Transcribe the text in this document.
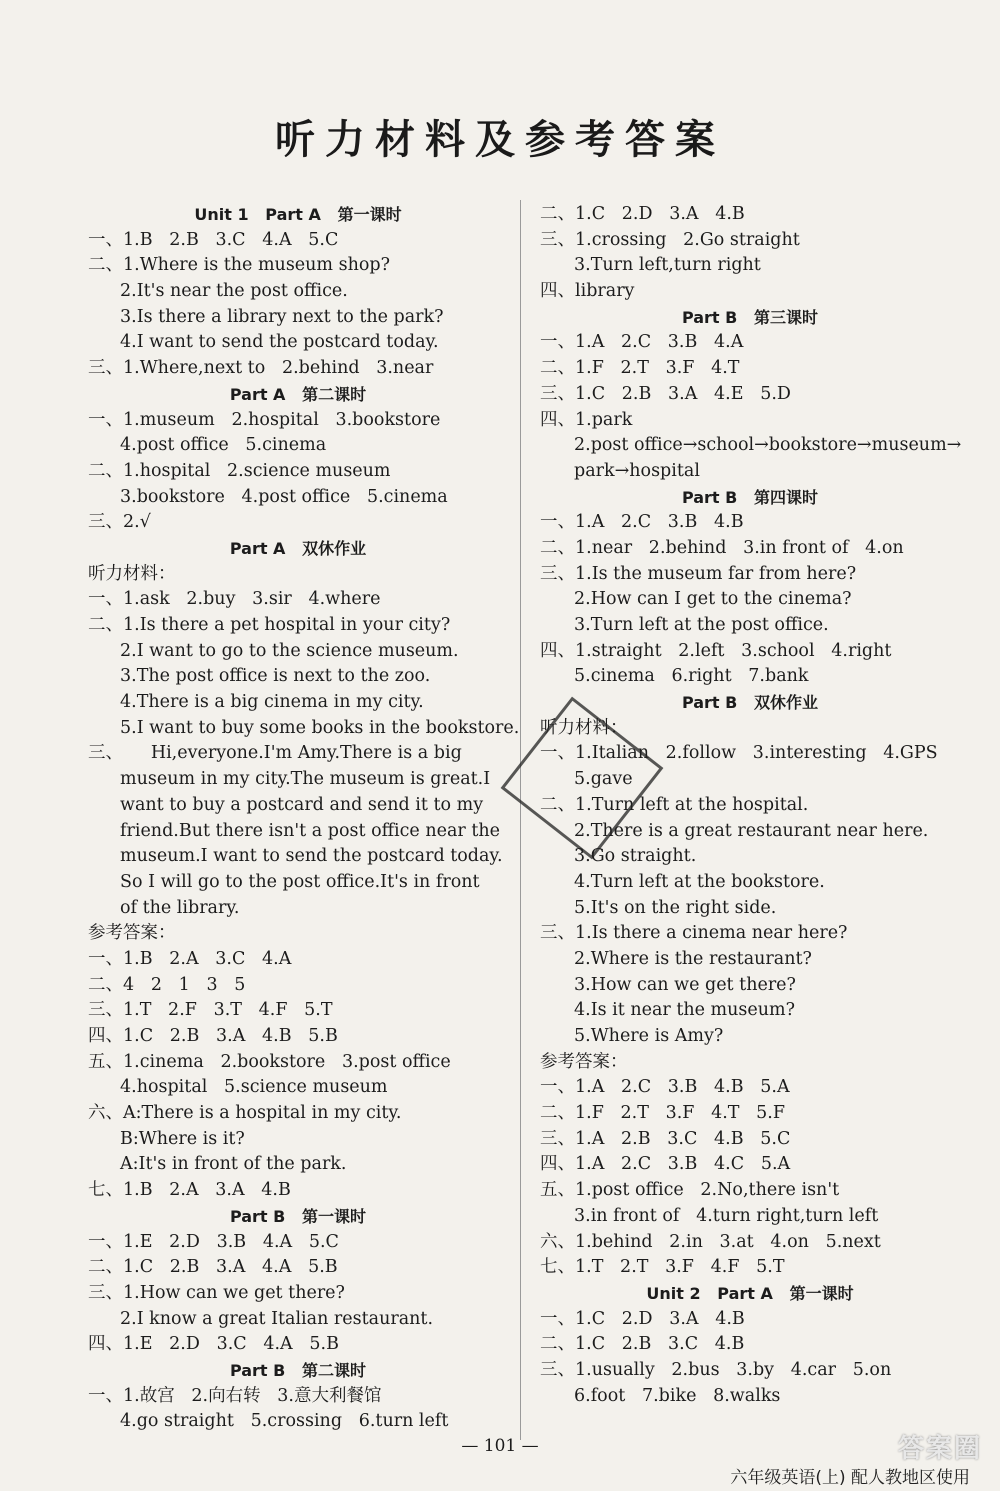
听力材料及参考答案
Unit 1   Part A   第一课时
一、1.B   2.B   3.C   4.A   5.C
二、1.Where is the museum shop?
2.It's near the post office.
3.Is there a library next to the park?
4.I want to send the postcard today.
三、1.Where,next to   2.behind   3.near
Part A   第二课时
一、1.museum   2.hospital   3.bookstore
4.post office   5.cinema
二、1.hospital   2.science museum
3.bookstore   4.post office   5.cinema
三、2.√
Part A   双休作业
听力材料：
一、1.ask   2.buy   3.sir   4.where
二、1.Is there a pet hospital in your city?
2.I want to go to the science museum.
3.The post office is next to the zoo.
4.There is a big cinema in my city.
5.I want to buy some books in the bookstore.
三、     Hi,everyone.I'm Amy.There is a big
museum in my city.The museum is great.I
want to buy a postcard and send it to my
friend.But there isn't a post office near the
museum.I want to send the postcard today.
So I will go to the post office.It's in front
of the library.
参考答案：
一、1.B   2.A   3.C   4.A
二、4   2   1   3   5
三、1.T   2.F   3.T   4.F   5.T
四、1.C   2.B   3.A   4.B   5.B
五、1.cinema   2.bookstore   3.post office
4.hospital   5.science museum
六、A:There is a hospital in my city.
B:Where is it?
A:It's in front of the park.
七、1.B   2.A   3.A   4.B
Part B   第一课时
一、1.E   2.D   3.B   4.A   5.C
二、1.C   2.B   3.A   4.A   5.B
三、1.How can we get there?
2.I know a great Italian restaurant.
四、1.E   2.D   3.C   4.A   5.B
Part B   第二课时
一、1.故宫   2.向右转   3.意大利餐馆
4.go straight   5.crossing   6.turn left
二、1.C   2.D   3.A   4.B
三、1.crossing   2.Go straight
3.Turn left,turn right
四、library
Part B   第三课时
一、1.A   2.C   3.B   4.A
二、1.F   2.T   3.F   4.T
三、1.C   2.B   3.A   4.E   5.D
四、1.park
2.post office→school→bookstore→museum→
park→hospital
Part B   第四课时
一、1.A   2.C   3.B   4.B
二、1.near   2.behind   3.in front of   4.on
三、1.Is the museum far from here?
2.How can I get to the cinema?
3.Turn left at the post office.
四、1.straight   2.left   3.school   4.right
5.cinema   6.right   7.bank
Part B   双休作业
听力材料：
一、1.Italian   2.follow   3.interesting   4.GPS
5.gave
二、1.Turn left at the hospital.
2.There is a great restaurant near here.
3.Go straight.
4.Turn left at the bookstore.
5.It's on the right side.
三、1.Is there a cinema near here?
2.Where is the restaurant?
3.How can we get there?
4.Is it near the museum?
5.Where is Amy?
参考答案：
一、1.A   2.C   3.B   4.B   5.A
二、1.F   2.T   3.F   4.T   5.F
三、1.A   2.B   3.C   4.B   5.C
四、1.A   2.C   3.B   4.C   5.A
五、1.post office   2.No,there isn't
3.in front of   4.turn right,turn left
六、1.behind   2.in   3.at   4.on   5.next
七、1.T   2.T   3.F   4.F   5.T
Unit 2   Part A   第一课时
一、1.C   2.D   3.A   4.B
二、1.C   2.B   3.C   4.B
三、1.usually   2.bus   3.by   4.car   5.on
6.foot   7.bike   8.walks
— 101 —
六年级英语(上) 配人教地区使用
答案圈
